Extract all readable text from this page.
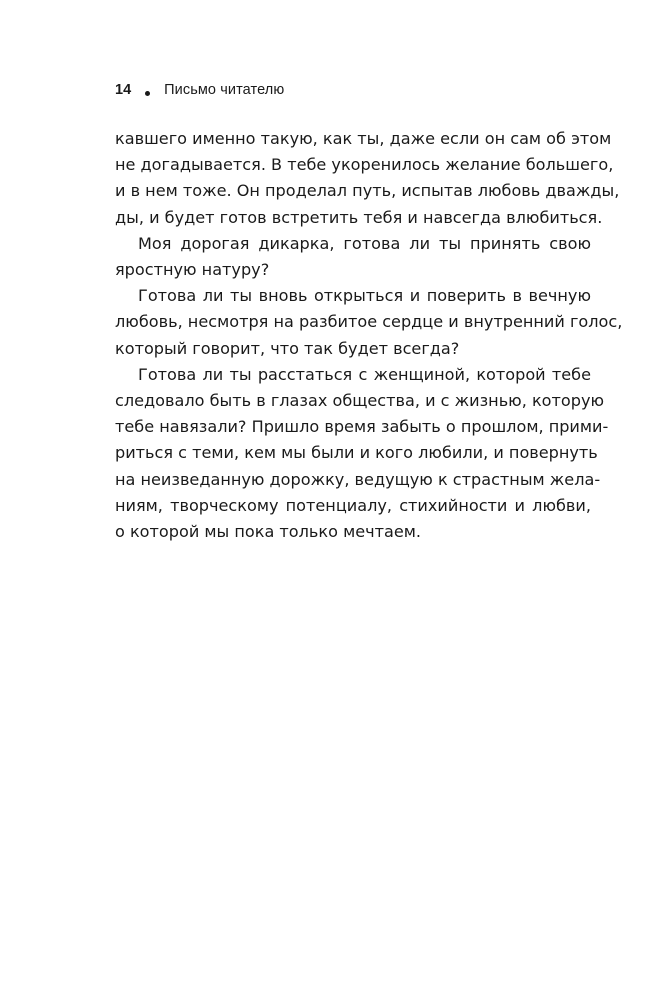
14 Письмо читателю
кавшего именно такую, как ты, даже если он сам об этом
не догадывается. В тебе укоренилось желание большего,
и в нем тоже. Он проделал путь, испытав любовь дважды,
ды, и будет готов встретить тебя и навсегда влюбиться.
Моя дорогая дикарка, готова ли ты принять свою
яростную натуру?
Готова ли ты вновь открыться и поверить в вечную
любовь, несмотря на разбитое сердце и внутренний голос,
который говорит, что так будет всегда?
Готова ли ты расстаться с женщиной, которой тебе
следовало быть в глазах общества, и с жизнью, которую
тебе навязали? Пришло время забыть о прошлом, прими-
риться с теми, кем мы были и кого любили, и повернуть
на неизведанную дорожку, ведущую к страстным жела-
ниям, творческому потенциалу, стихийности и любви,
о которой мы пока только мечтаем.
